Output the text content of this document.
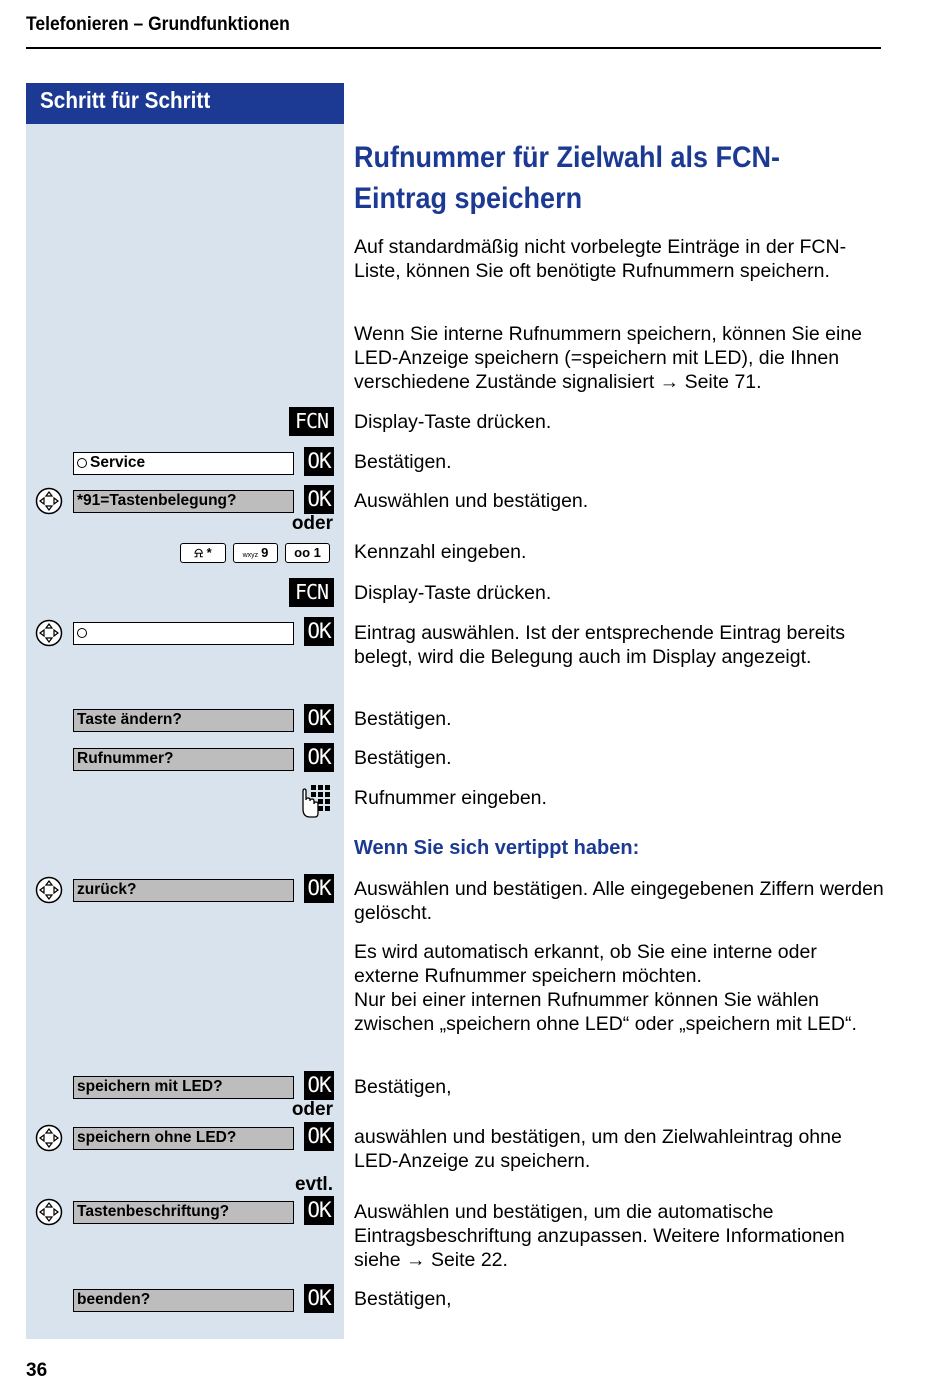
Telefonieren – Grundfunktionen
Schritt für Schritt
Rufnummer für Zielwahl als FCN-Eintrag speichern
Auf standardmäßig nicht vorbelegte Einträge in der FCN-Liste, können Sie oft benötigte Rufnummern speichern.
Wenn Sie interne Rufnummern speichern, können Sie eine LED-Anzeige speichern (=speichern mit LED), die Ihnen verschiedene Zustände signalisiert → Seite 71.
FCN	Display-Taste drücken.
Service	OK Bestätigen.
*91=Tastenbelegung?	OK Auswählen und bestätigen.
oder
⍾ *	wxyz 9	ᴏᴏ 1	Kennzahl eingeben.
FCN	Display-Taste drücken.
OK Eintrag auswählen. Ist der entsprechende Eintrag bereits belegt, wird die Belegung auch im Display angezeigt.
Taste ändern?	OK Bestätigen.
Rufnummer?	OK Bestätigen.
Rufnummer eingeben.
Wenn Sie sich vertippt haben:
zurück?	OK Auswählen und bestätigen. Alle eingegebenen Ziffern werden gelöscht.
Es wird automatisch erkannt, ob Sie eine interne oder externe Rufnummer speichern möchten.
Nur bei einer internen Rufnummer können Sie wählen zwischen „speichern ohne LED“ oder „speichern mit LED“.
speichern mit LED?	OK Bestätigen,
oder
speichern ohne LED?	OK auswählen und bestätigen, um den Zielwahleintrag ohne LED-Anzeige zu speichern.
evtl.
Tastenbeschriftung?	OK Auswählen und bestätigen, um die automatische Eintragsbeschriftung anzupassen. Weitere Informationen siehe → Seite 22.
beenden?	OK Bestätigen,
36
